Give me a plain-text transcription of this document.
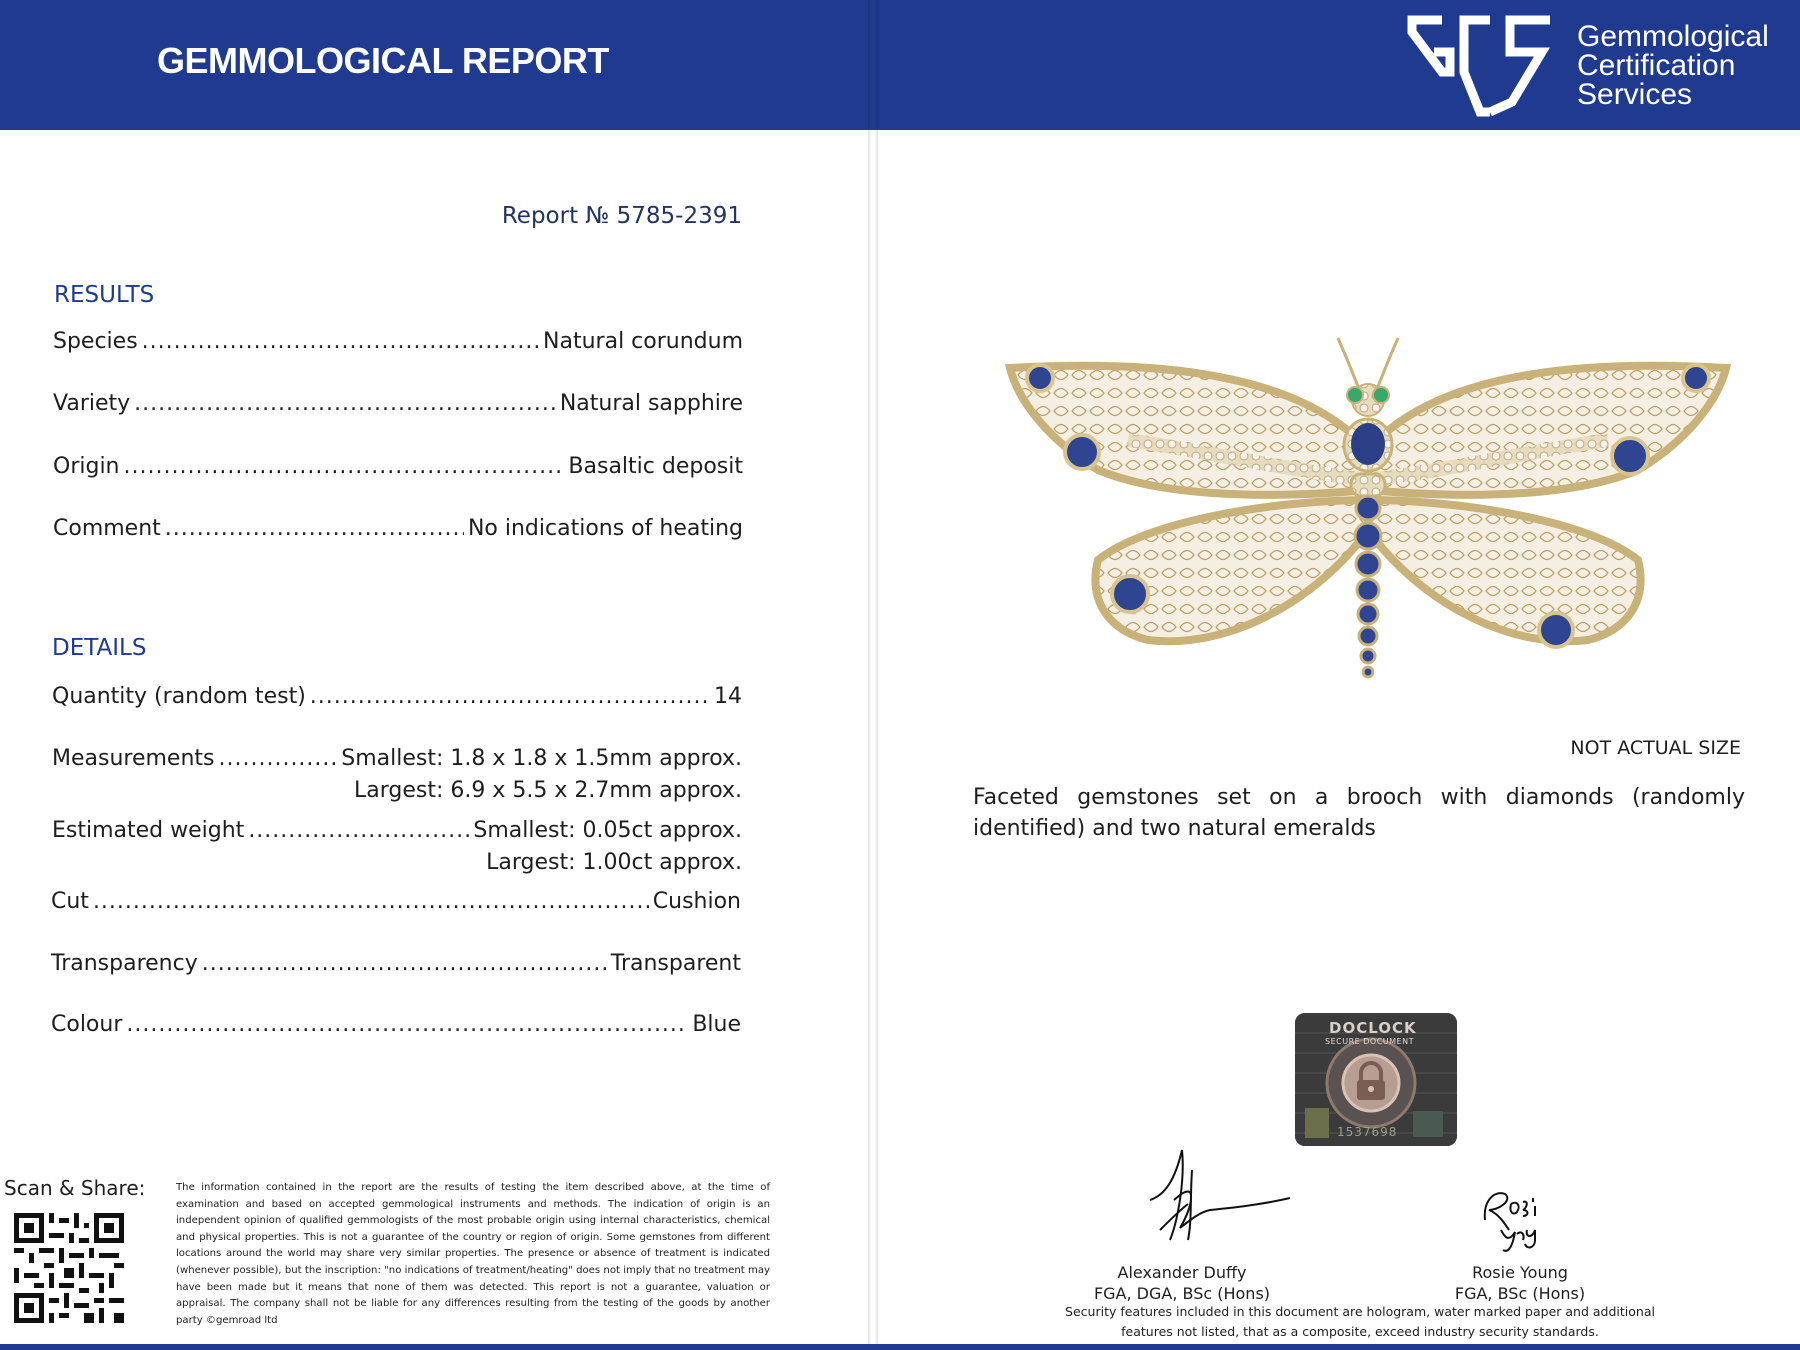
GEMMOLOGICAL REPORT
Gemmological
Certification
Services
Report № 5785-2391
RESULTS
Species .....	Natural corundum
Variety .....	Natural sapphire
Origin .....	Basaltic deposit
Comment .....	No indications of heating
DETAILS
Quantity (random test) .....	14
Measurements .....	Smallest: 1.8 x 1.8 x 1.5mm approx.
Largest: 6.9 x 5.5 x 2.7mm approx.
Estimated weight .....	Smallest: 0.05ct approx.
Largest: 1.00ct approx.
Cut .....	Cushion
Transparency .....	Transparent
Colour .....	Blue
Scan & Share:	The information contained in the report are the results of testing the item described above, at the time of examination and based on accepted gemmological instruments and methods. The indication of origin is an independent opinion of qualified gemmologists of the most probable origin using internal characteristics, chemical and physical properties. This is not a guarantee of the country or region of origin. Some gemstones from different locations around the world may share very similar properties. The presence or absence of treatment is indicated (whenever possible), but the inscription: "no indications of treatment/heating" does not imply that no treatment may have been made but it means that none of them was detected. This report is not a guarantee, valuation or appraisal. The company shall not be liable for any differences resulting from the testing of the goods by another party ©gemroad ltd
NOT ACTUAL SIZE
Faceted gemstones set on a brooch with diamonds (randomly identified) and two natural emeralds
DOCLOCK
SECURE DOCUMENT
1537698
Alexander Duffy
FGA, DGA, BSc (Hons)
Rosie Young
FGA, BSc (Hons)
Security features included in this document are hologram, water marked paper and additional features not listed, that as a composite, exceed industry security standards.
